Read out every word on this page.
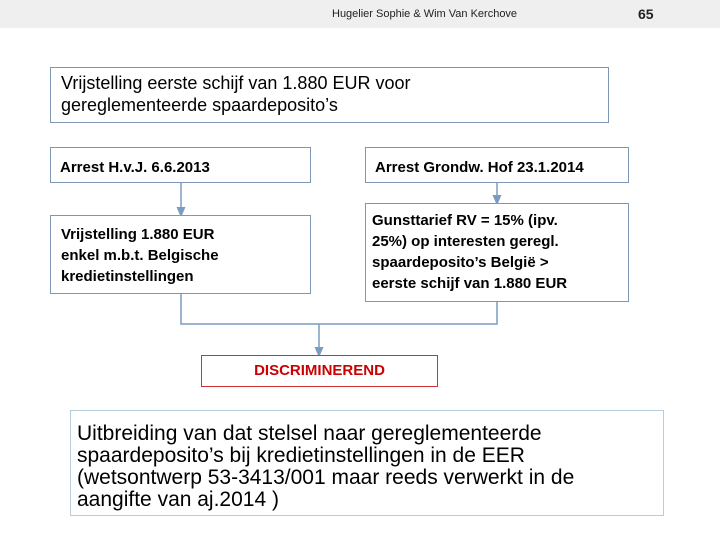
Hugelier Sophie & Wim Van Kerchove	65
Vrijstelling eerste schijf van 1.880 EUR voor
gereglementeerde spaardeposito’s
Arrest H.v.J. 6.6.2013	Arrest Grondw. Hof 23.1.2014
Vrijstelling 1.880 EUR
enkel m.b.t. Belgische
kredietinstellingen
Gunsttarief RV = 15% (ipv.
25%) op interesten geregl.
spaardeposito’s België >
eerste schijf van 1.880 EUR
DISCRIMINEREND
Uitbreiding van dat stelsel naar gereglementeerde
spaardeposito’s bij kredietinstellingen in de EER
(wetsontwerp 53-3413/001 maar reeds verwerkt in de
aangifte van aj.2014 )
